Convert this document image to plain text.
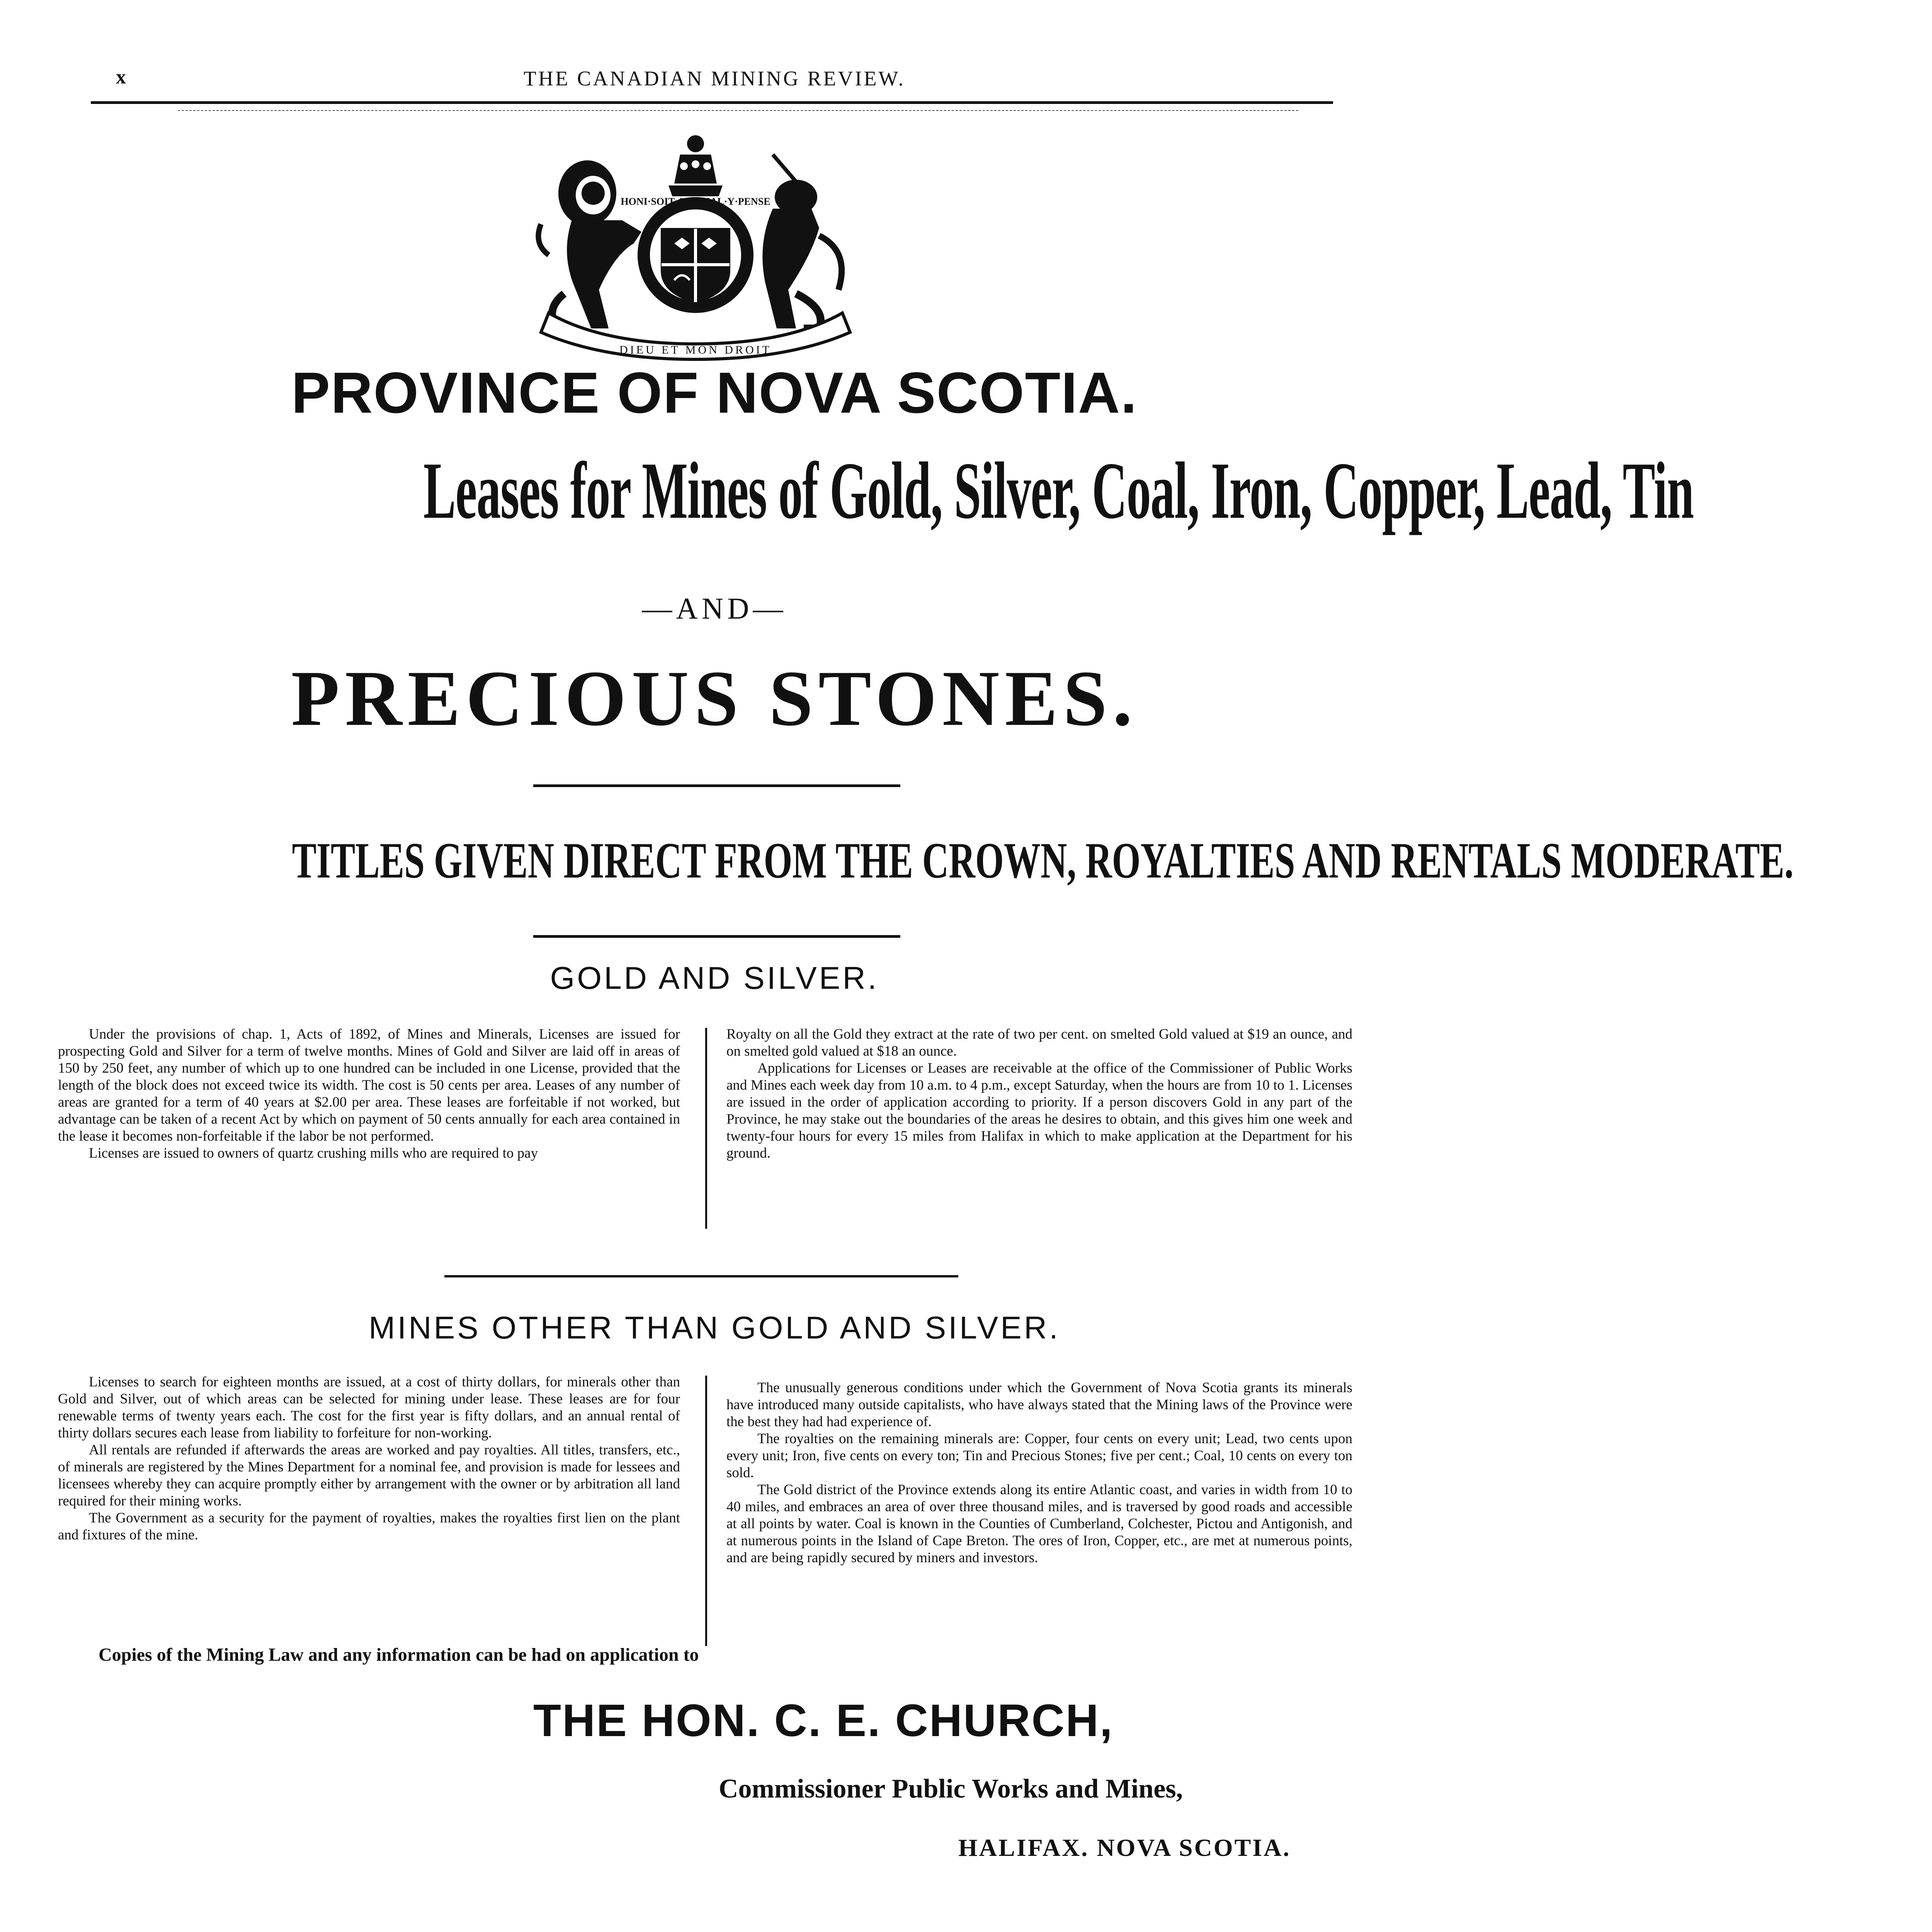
x	THE CANADIAN MINING REVIEW.
HONI·SOIT·QUI·MAL·Y·PENSE
DIEU ET MON DROIT
PROVINCE OF NOVA SCOTIA.
Leases for Mines of Gold, Silver, Coal, Iron, Copper, Lead, Tin
—AND—
PRECIOUS STONES.
TITLES GIVEN DIRECT FROM THE CROWN, ROYALTIES AND RENTALS MODERATE.
GOLD AND SILVER.

Under the provisions of chap. 1, Acts of 1892, of Mines and Minerals, Licenses are issued for prospecting Gold and Silver for a term of twelve months. Mines of Gold and Silver are laid off in areas of 150 by 250 feet, any number of which up to one hundred can be included in one License, provided that the length of the block does not exceed twice its width. The cost is 50 cents per area. Leases of any number of areas are granted for a term of 40 years at $2.00 per area. These leases are forfeitable if not worked, but advantage can be taken of a recent Act by which on payment of 50 cents annually for each area contained in the lease it becomes non-forfeitable if the labor be not performed.

Licenses are issued to owners of quartz crushing mills who are required to pay

Royalty on all the Gold they extract at the rate of two per cent. on smelted Gold valued at $19 an ounce, and on smelted gold valued at $18 an ounce.

Applications for Licenses or Leases are receivable at the office of the Commissioner of Public Works and Mines each week day from 10 a.m. to 4 p.m., except Saturday, when the hours are from 10 to 1. Licenses are issued in the order of application according to priority. If a person discovers Gold in any part of the Province, he may stake out the boundaries of the areas he desires to obtain, and this gives him one week and twenty-four hours for every 15 miles from Halifax in which to make application at the Department for his ground.

MINES OTHER THAN GOLD AND SILVER.

Licenses to search for eighteen months are issued, at a cost of thirty dollars, for minerals other than Gold and Silver, out of which areas can be selected for mining under lease. These leases are for four renewable terms of twenty years each. The cost for the first year is fifty dollars, and an annual rental of thirty dollars secures each lease from liability to forfeiture for non-working.

All rentals are refunded if afterwards the areas are worked and pay royalties. All titles, transfers, etc., of minerals are registered by the Mines Department for a nominal fee, and provision is made for lessees and licensees whereby they can acquire promptly either by arrangement with the owner or by arbitration all land required for their mining works.

The Government as a security for the payment of royalties, makes the royalties first lien on the plant and fixtures of the mine.

The unusually generous conditions under which the Government of Nova Scotia grants its minerals have introduced many outside capitalists, who have always stated that the Mining laws of the Province were the best they had had experience of.

The royalties on the remaining minerals are: Copper, four cents on every unit; Lead, two cents upon every unit; Iron, five cents on every ton; Tin and Precious Stones; five per cent.; Coal, 10 cents on every ton sold.

The Gold district of the Province extends along its entire Atlantic coast, and varies in width from 10 to 40 miles, and embraces an area of over three thousand miles, and is traversed by good roads and accessible at all points by water. Coal is known in the Counties of Cumberland, Colchester, Pictou and Antigonish, and at numerous points in the Island of Cape Breton. The ores of Iron, Copper, etc., are met at numerous points, and are being rapidly secured by miners and investors.

Copies of the Mining Law and any information can be had on application to
THE HON. C. E. CHURCH,
Commissioner Public Works and Mines,
HALIFAX. NOVA SCOTIA.
